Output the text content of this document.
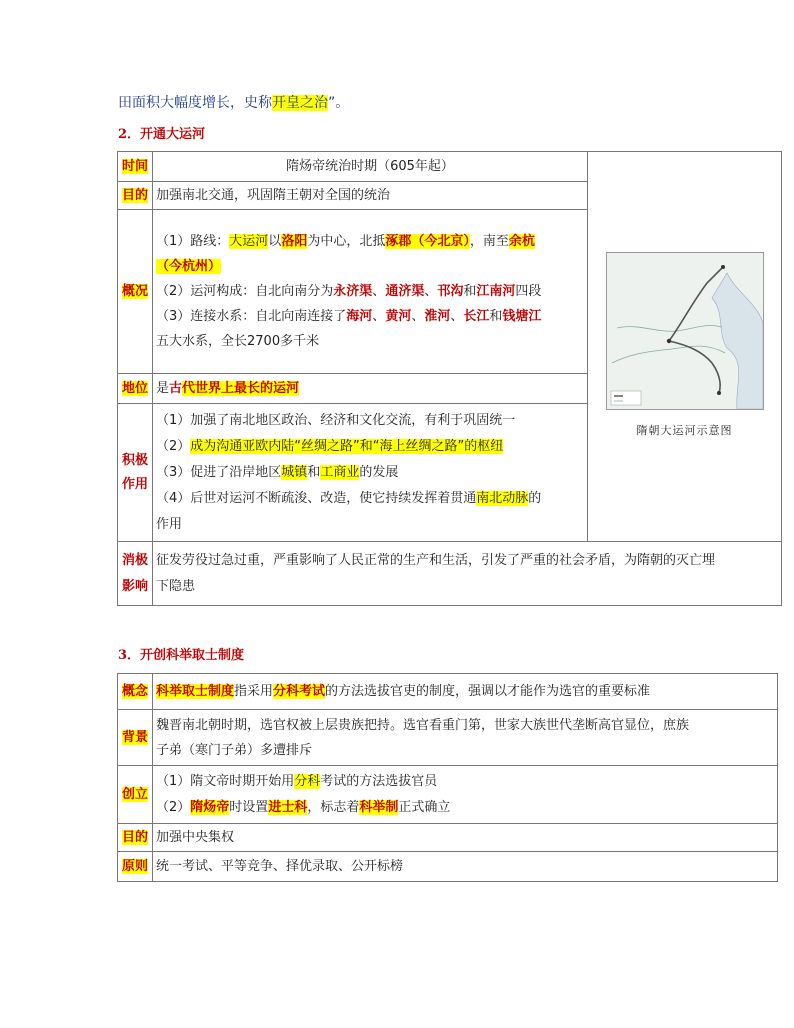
田面积大幅度增长，史称开皇之治”。
2．开通大运河
时间	隋炀帝统治时期（605年起）	隋朝大运河示意图

目的	加强南北交通，巩固隋王朝对全国的统治	
概况	（1）路线：大运河以洛阳为中心，北抵涿郡（今北京），南至余杭
（今杭州）
（2）运河构成：自北向南分为永济渠、通济渠、邗沟和江南河四段
（3）连接水系：自北向南连接了海河、黄河、淮河、长江和钱塘江
五大水系，全长2700多千米	

地位	是古代世界上最长的运河	

积极
作用	（1）加强了南北地区政治、经济和文化交流，有利于巩固统一
（2）成为沟通亚欧内陆“丝绸之路”和“海上丝绸之路”的枢纽
（3）促进了沿岸地区城镇和工商业的发展
（4）后世对运河不断疏浚、改造，使它持续发挥着贯通南北动脉的
作用	

消极
影响	征发劳役过急过重，严重影响了人民正常的生产和生活，引发了严重的社会矛盾，为隋朝的灭亡埋
下隐患	
3．开创科举取士制度
概念	科举取士制度指采用分科考试的方法选拔官吏的制度，强调以才能作为选官的重要标准
背景	魏晋南北朝时期，选官权被上层贵族把持。选官看重门第，世家大族世代垄断高官显位，庶族
子弟（寒门子弟）多遭排斥

创立	（1）隋文帝时期开始用分科考试的方法选拔官员
（2）隋炀帝时设置进士科，标志着科举制正式确立

目的	加强中央集权
原则	统一考试、平等竞争、择优录取、公开标榜
